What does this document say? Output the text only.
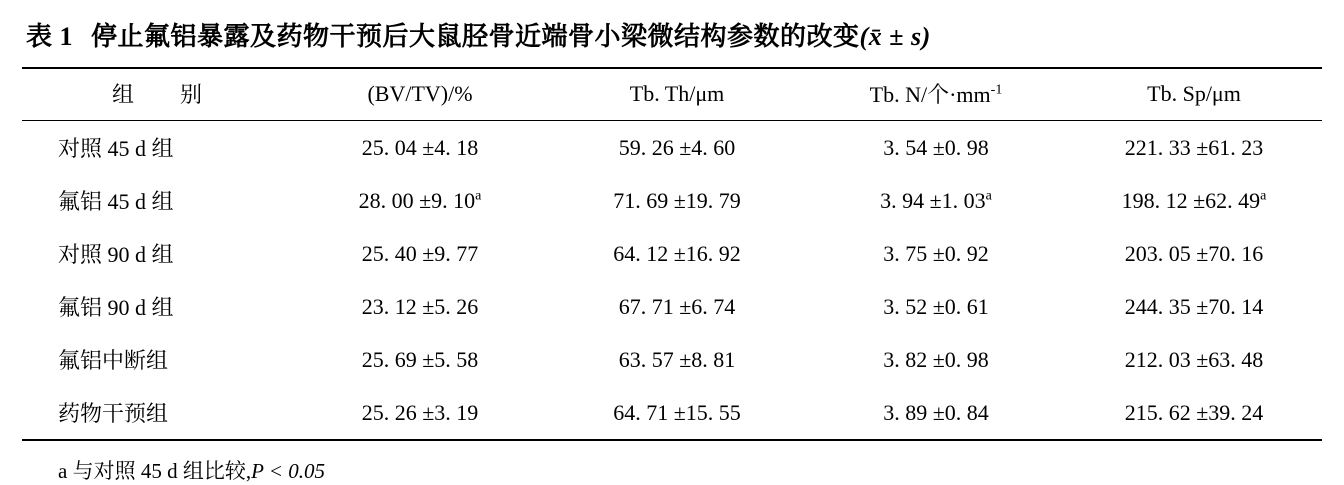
表 1 停止氟铝暴露及药物干预后大鼠胫骨近端骨小梁微结构参数的改变 (x̄ ± s)
组　别	(BV/TV)/%	Tb. Th/μm	Tb. N/个$\cdot mm^{-1}$	Tb. Sp/μm
对照 45 d 组	25. 04 ±4. 18	59. 26 ±4. 60	3. 54 ±0. 98	221. 33 ±61. 23
氟铝 45 d 组	28. 00 ±9. 10$^a$	71. 69 ±19. 79	3. 94 ±1. 03$^a$	198. 12 ±62. 49$^a$
对照 90 d 组	25. 40 ±9. 77	64. 12 ±16. 92	3. 75 ±0. 92	203. 05 ±70. 16
氟铝 90 d 组	23. 12 ±5. 26	67. 71 ±6. 74	3. 52 ±0. 61	244. 35 ±70. 14
氟铝中断组	25. 69 ±5. 58	63. 57 ±8. 81	3. 82 ±0. 98	212. 03 ±63. 48
药物干预组	25. 26 ±3. 19	64. 71 ±15. 55	3. 89 ±0. 84	215. 62 ±39. 24
a 与对照 45 d 组比较,P < 0.05
